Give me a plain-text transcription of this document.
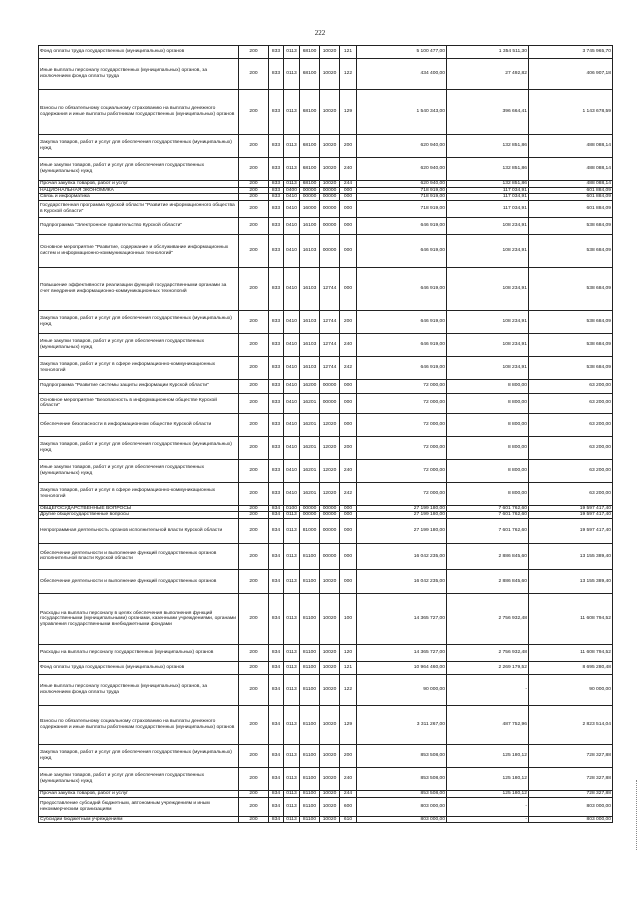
222
Фонд оплаты труда государственных (муниципальных) органов	200	833	0113	68100	10020	121	5 100 477,00	1 354 511,30	3 745 965,70
Иные выплаты персоналу государственных (муниципальных) органов, за исключением фонда оплаты труда	200	833	0113	68100	10020	122	434 400,00	27 492,82	406 907,18
Взносы по обязательному социальному страхованию на выплаты денежного содержания и иные выплаты работникам государственных (муниципальных) органов	200	833	0113	68100	10020	129	1 540 343,00	396 664,41	1 143 678,59
Закупка товаров, работ и услуг для обеспечения государственных (муниципальных) нужд	200	833	0113	68100	10020	200	620 940,00	132 851,86	488 088,14
Иные закупки товаров, работ и услуг для обеспечения государственных (муниципальных) нужд	200	833	0113	68100	10020	240	620 940,00	132 851,86	488 088,14
Прочая закупка товаров, работ и услуг	200	833	0113	68100	10020	244	620 940,00	132 851,86	488 088,14
НАЦИОНАЛЬНАЯ ЭКОНОМИКА	200	833	0400	00000	00000	000	718 919,00	117 034,91	601 884,09
Связь и информатика	200	833	0410	00000	00000	000	718 919,00	117 034,91	601 884,09
Государственная программа Курской области "Развитие информационного общества в Курской области"	200	833	0410	16000	00000	000	718 919,00	117 034,91	601 884,09
Подпрограмма "Электронное правительство Курской области"	200	833	0410	16100	00000	000	646 919,00	108 234,91	538 684,09
Основное мероприятие "Развитие, содержание и обслуживание информационных систем и информационно-коммуникационных технологий"	200	833	0410	16103	00000	000	646 919,00	108 234,91	538 684,09
Повышение эффективности реализации функций государственными органами за счет внедрения информационно-коммуникационных технологий	200	833	0410	16103	12744	000	646 919,00	108 234,91	538 684,09
Закупка товаров, работ и услуг для обеспечения государственных (муниципальных) нужд	200	833	0410	16103	12744	200	646 919,00	108 234,91	538 684,09
Иные закупки товаров, работ и услуг для обеспечения государственных (муниципальных) нужд	200	833	0410	16103	12744	240	646 919,00	108 234,91	538 684,09
Закупка товаров, работ и услуг в сфере информационно-коммуникационных технологий	200	833	0410	16103	12744	242	646 919,00	108 234,91	538 684,09
Подпрограмма "Развитие системы защиты информации Курской области"	200	833	0410	16200	00000	000	72 000,00	8 800,00	63 200,00
Основное мероприятие "Безопасность в информационном обществе Курской области"	200	833	0410	16201	00000	000	72 000,00	8 800,00	63 200,00
Обеспечение безопасности в информационном обществе Курской области	200	833	0410	16201	12020	000	72 000,00	8 800,00	63 200,00
Закупка товаров, работ и услуг для обеспечения государственных (муниципальных) нужд	200	833	0410	16201	12020	200	72 000,00	8 800,00	63 200,00
Иные закупки товаров, работ и услуг для обеспечения государственных (муниципальных) нужд	200	833	0410	16201	12020	240	72 000,00	8 800,00	63 200,00
Закупка товаров, работ и услуг в сфере информационно-коммуникационных технологий	200	833	0410	16201	12020	242	72 000,00	8 800,00	63 200,00
ОБЩЕГОСУДАРСТВЕННЫЕ ВОПРОСЫ	200	834	0100	00000	00000	000	27 199 180,00	7 601 762,60	19 597 417,40
Другие общегосударственные вопросы	200	834	0113	00000	00000	000	27 199 180,00	7 601 762,60	19 597 417,40
Непрограммная деятельность органов исполнительной власти Курской области	200	834	0113	81000	00000	000	27 199 180,00	7 601 762,60	19 597 417,40
Обеспечение деятельности и выполнение функций государственных органов исполнительной власти Курской области	200	834	0113	81100	00000	000	16 042 235,00	2 886 845,60	13 155 389,40
Обеспечение деятельности и выполнение функций государственных органов	200	834	0113	81100	10020	000	16 042 235,00	2 886 845,60	13 155 389,40
Расходы на выплаты персоналу в целях обеспечения выполнения функций государственными (муниципальными) органами, казенными учреждениями, органами управления государственными внебюджетными фондами	200	834	0113	81100	10020	100	14 365 727,00	2 756 932,48	11 608 794,52
Расходы на выплаты персоналу государственных (муниципальных) органов	200	834	0113	81100	10020	120	14 365 727,00	2 756 932,48	11 608 794,52
Фонд оплаты труда государственных (муниципальных) органов	200	834	0113	81100	10020	121	10 964 460,00	2 269 179,52	8 695 280,48
Иные выплаты персоналу государственных (муниципальных) органов, за исключением фонда оплаты труда	200	834	0113	81100	10020	122	90 000,00	-	90 000,00
Взносы по обязательному социальному страхованию на выплаты денежного содержания и иные выплаты работникам государственных (муниципальных) органов	200	834	0113	81100	10020	129	3 311 267,00	487 752,96	2 823 514,04
Закупка товаров, работ и услуг для обеспечения государственных (муниципальных) нужд	200	834	0113	81100	10020	200	853 508,00	125 180,12	728 327,88
Иные закупки товаров, работ и услуг для обеспечения государственных (муниципальных) нужд	200	834	0113	81100	10020	240	853 508,00	125 180,12	728 327,88
Прочая закупка товаров, работ и услуг	200	834	0113	81100	10020	244	853 508,00	125 180,12	728 327,88
Предоставление субсидий бюджетным, автономным учреждениям и иным некоммерческим организациям	200	834	0113	81100	10020	600	803 000,00	-	803 000,00
Субсидии бюджетным учреждениям	200	834	0113	81100	10020	610	803 000,00	-	803 000,00
